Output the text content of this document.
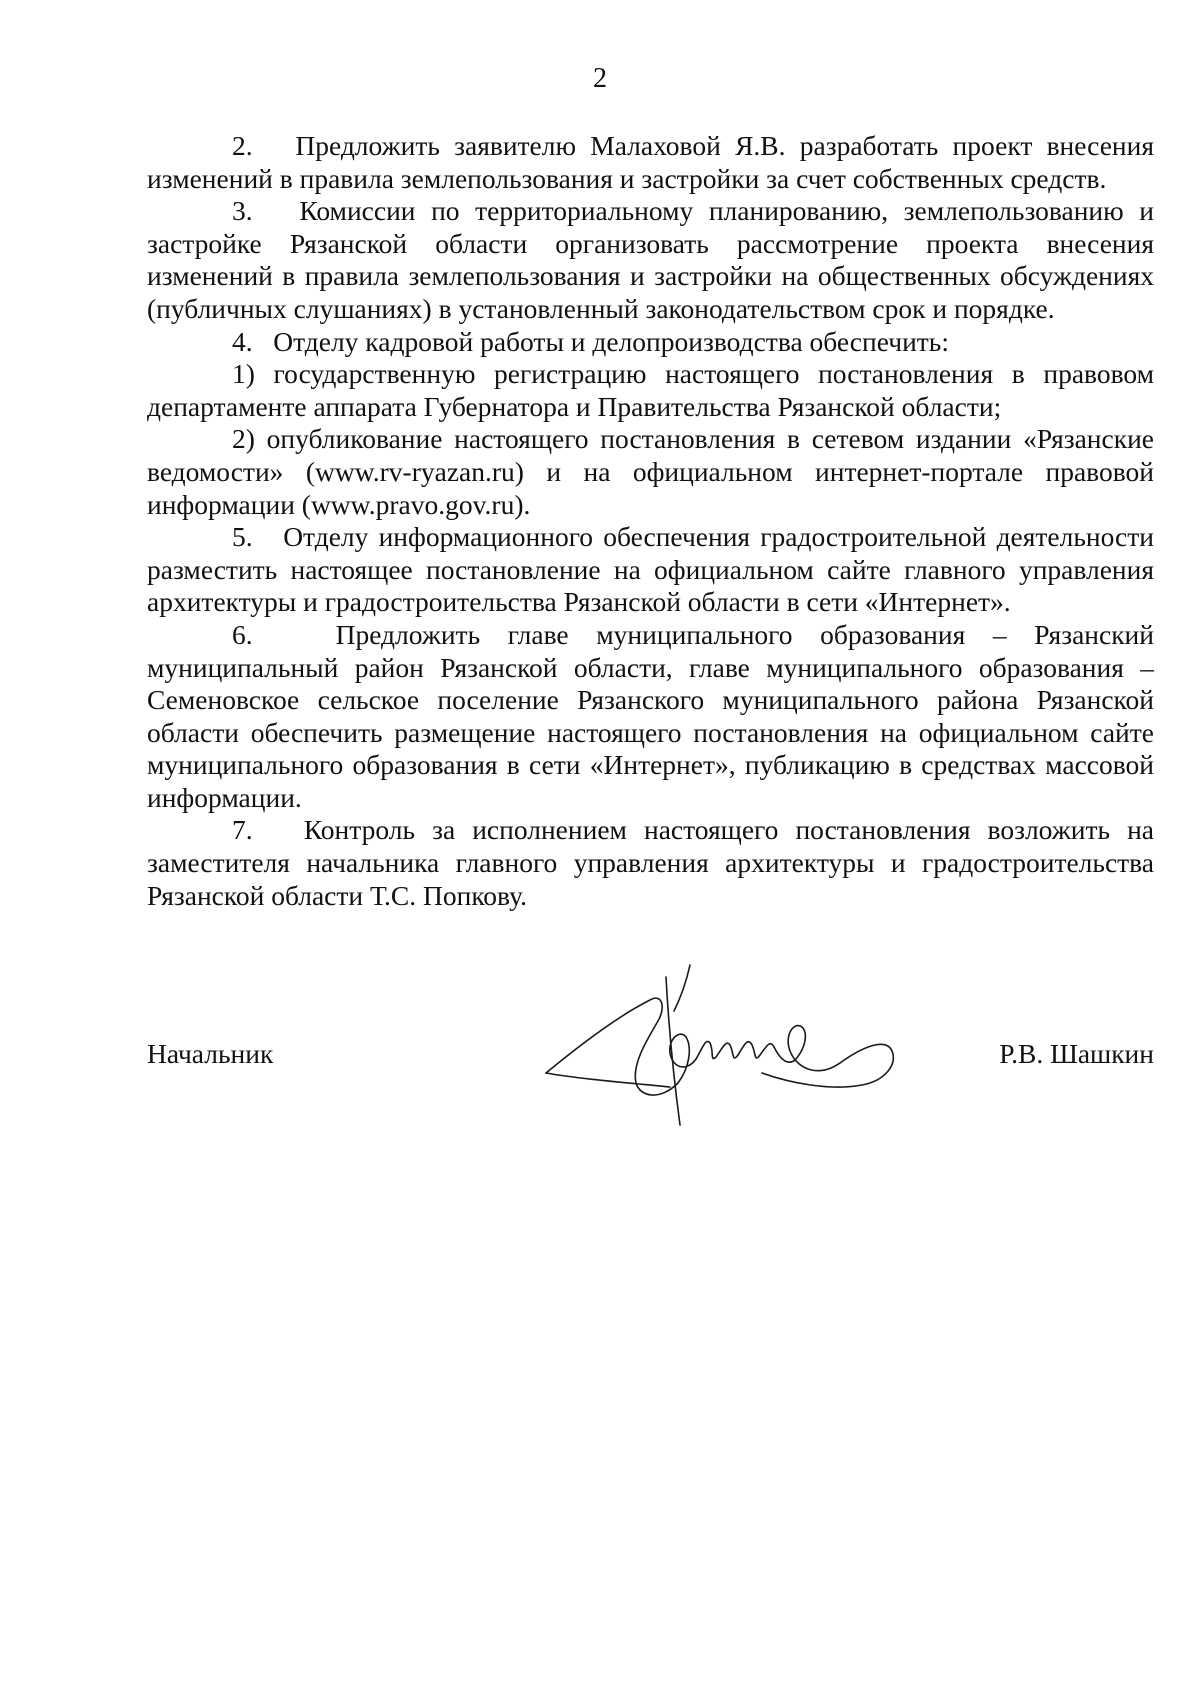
2

2.   Предложить заявителю Малаховой Я.В. разработать проект внесения изменений в правила землепользования и застройки за счет собственных средств.

3.   Комиссии по территориальному планированию, землепользованию и застройке Рязанской области организовать рассмотрение проекта внесения изменений в правила землепользования и застройки на общественных обсуждениях (публичных слушаниях) в установленный законодательством срок и порядке.

4.   Отделу кадровой работы и делопроизводства обеспечить:

1) государственную регистрацию настоящего постановления в правовом департаменте аппарата Губернатора и Правительства Рязанской области;

2) опубликование настоящего постановления в сетевом издании «Рязанские ведомости» (www.rv-ryazan.ru) и на официальном интернет-портале правовой информации (www.pravo.gov.ru).

5.   Отделу информационного обеспечения градостроительной деятельности разместить настоящее постановление на официальном сайте главного управления архитектуры и градостроительства Рязанской области в сети «Интернет».

6.   Предложить главе муниципального образования – Рязанский муниципальный район Рязанской области, главе муниципального образования – Семеновское сельское поселение Рязанского муниципального района Рязанской области обеспечить размещение настоящего постановления на официальном сайте муниципального образования в сети «Интернет», публикацию в средствах массовой информации.

7.   Контроль за исполнением настоящего постановления возложить на заместителя начальника главного управления архитектуры и градостроительства Рязанской области Т.С. Попкову.

Начальник	Р.В. Шашкин
